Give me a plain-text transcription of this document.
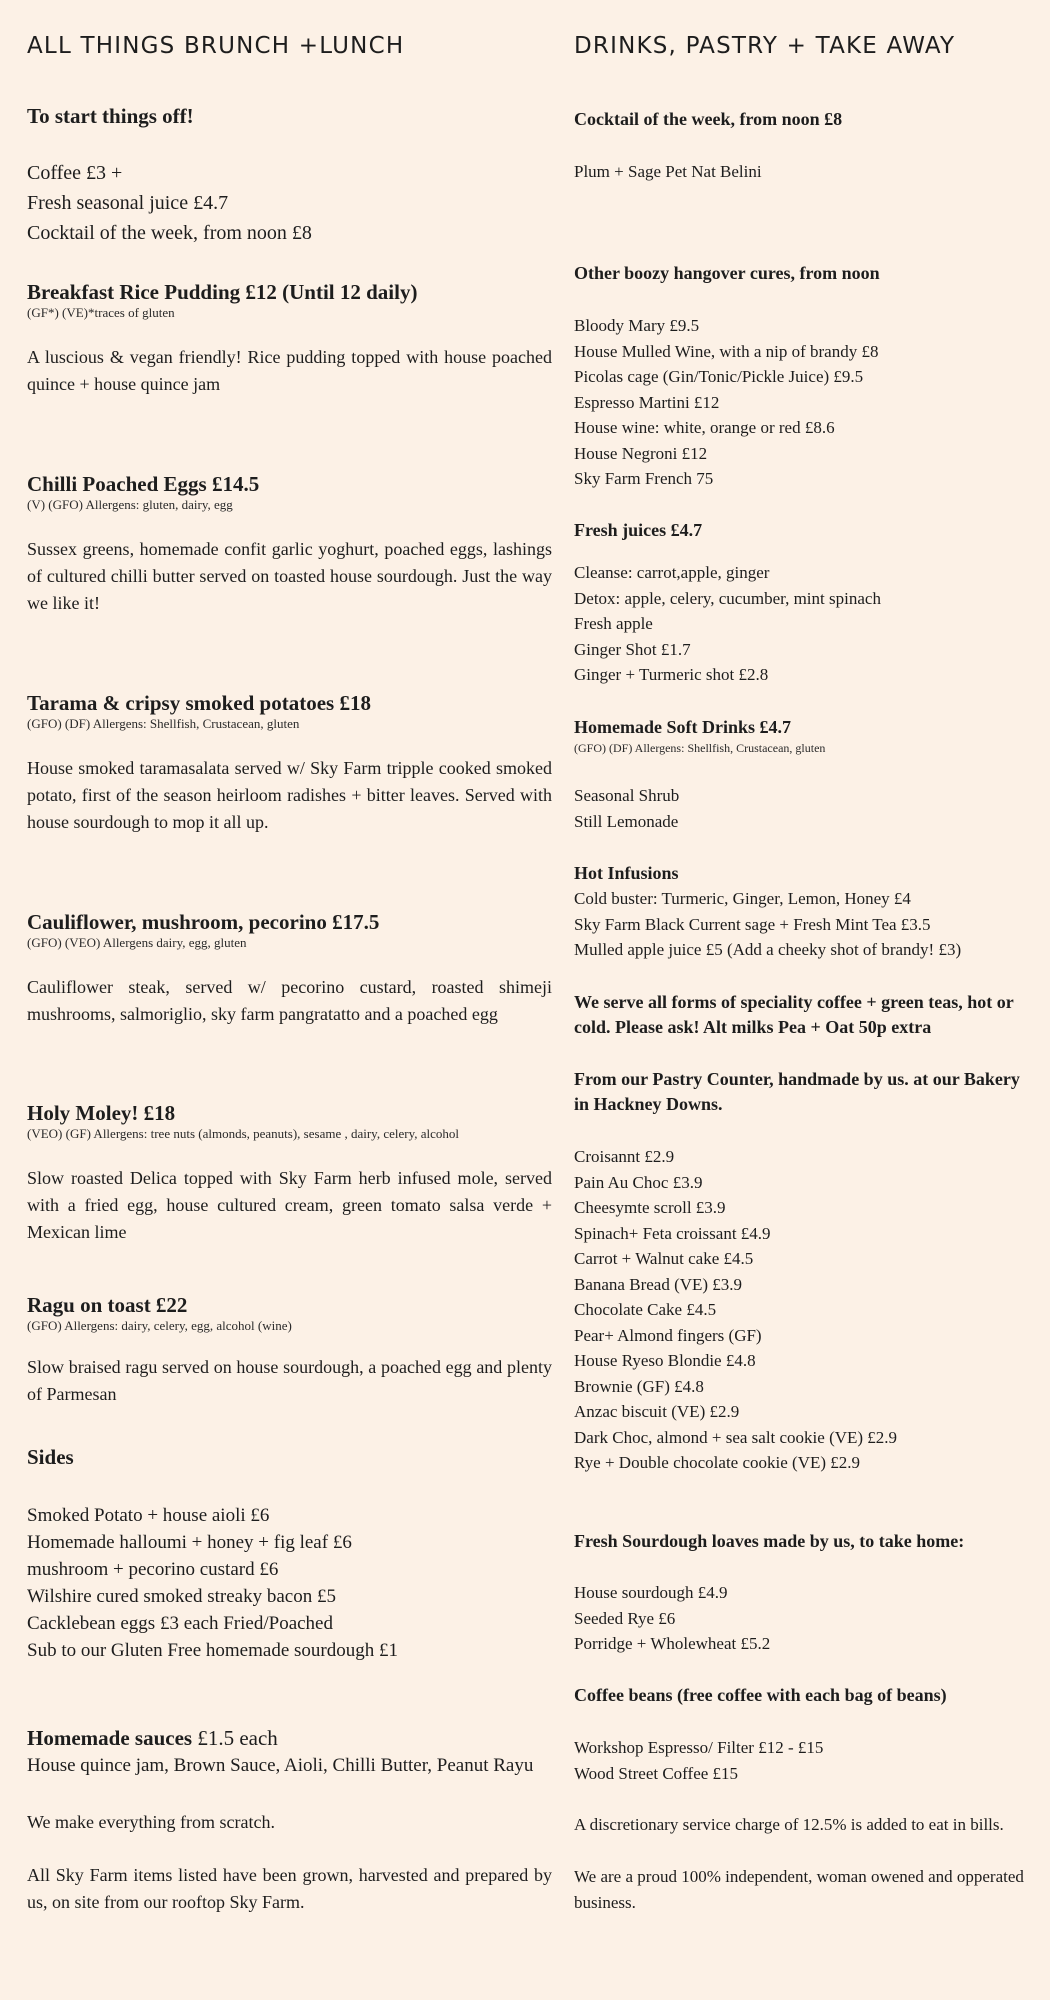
ALL THINGS BRUNCH +LUNCH
To start things off!
Coffee £3 +
Fresh seasonal juice £4.7
Cocktail of the week, from noon £8
Breakfast Rice Pudding £12 (Until 12 daily)
(GF*) (VE)*traces of gluten
A luscious & vegan friendly! Rice pudding topped with house poached quince + house quince jam
Chilli Poached Eggs £14.5
(V) (GFO) Allergens: gluten, dairy, egg
Sussex greens, homemade confit garlic yoghurt, poached eggs, lashings of cultured chilli butter served on toasted house sourdough. Just the way we like it!
Tarama & cripsy smoked potatoes £18
(GFO) (DF) Allergens: Shellfish, Crustacean, gluten
House smoked taramasalata served w/ Sky Farm tripple cooked smoked potato, first of the season heirloom radishes + bitter leaves. Served with house sourdough to mop it all up.
Cauliflower, mushroom, pecorino £17.5
(GFO) (VEO) Allergens dairy, egg, gluten
Cauliflower steak, served w/ pecorino custard, roasted shimeji mushrooms, salmoriglio, sky farm pangratatto and a poached egg
Holy Moley! £18
(VEO) (GF) Allergens: tree nuts (almonds, peanuts), sesame , dairy, celery, alcohol
Slow roasted Delica topped with Sky Farm herb infused mole, served with a fried egg, house cultured cream, green tomato salsa verde + Mexican lime
Ragu on toast £22
(GFO) Allergens: dairy, celery, egg, alcohol (wine)
Slow braised ragu served on house sourdough, a poached egg and plenty of Parmesan
Sides
Smoked Potato + house aioli £6
Homemade halloumi + honey + fig leaf £6
mushroom + pecorino custard £6
Wilshire cured smoked streaky bacon £5
Cacklebean eggs £3 each Fried/Poached
Sub to our Gluten Free homemade sourdough £1
Homemade sauces £1.5 each
House quince jam, Brown Sauce, Aioli, Chilli Butter, Peanut Rayu
We make everything from scratch.
All Sky Farm items listed have been grown, harvested and prepared by us, on site from our rooftop Sky Farm.
DRINKS, PASTRY + TAKE AWAY
Cocktail of the week, from noon £8
Plum + Sage Pet Nat Belini
Other boozy hangover cures, from noon
Bloody Mary £9.5
House Mulled Wine, with a nip of brandy £8
Picolas cage (Gin/Tonic/Pickle Juice) £9.5
Espresso Martini £12
House wine: white, orange or red £8.6
House Negroni £12
Sky Farm French 75
Fresh juices £4.7
Cleanse: carrot,apple, ginger
Detox: apple, celery, cucumber, mint spinach
Fresh apple
Ginger Shot £1.7
Ginger + Turmeric shot £2.8
Homemade Soft Drinks £4.7
(GFO) (DF) Allergens: Shellfish, Crustacean, gluten
Seasonal Shrub
Still Lemonade
Hot Infusions
Cold buster: Turmeric, Ginger, Lemon, Honey £4
Sky Farm Black Current sage + Fresh Mint Tea £3.5
Mulled apple juice £5 (Add a cheeky shot of brandy! £3)
We serve all forms of speciality coffee + green teas, hot or cold. Please ask! Alt milks Pea + Oat 50p extra
From our Pastry Counter, handmade by us. at our Bakery in Hackney Downs.
Croisannt £2.9
Pain Au Choc £3.9
Cheesymte scroll £3.9
Spinach+ Feta croissant £4.9
Carrot + Walnut cake £4.5
Banana Bread (VE) £3.9
Chocolate Cake £4.5
Pear+ Almond fingers (GF)
House Ryeso Blondie £4.8
Brownie (GF) £4.8
Anzac biscuit (VE) £2.9
Dark Choc, almond + sea salt cookie (VE) £2.9
Rye + Double chocolate cookie (VE) £2.9
Fresh Sourdough loaves made by us, to take home:
House sourdough £4.9
Seeded Rye £6
Porridge + Wholewheat £5.2
Coffee beans (free coffee with each bag of beans)
Workshop Espresso/ Filter £12 - £15
Wood Street Coffee £15
A discretionary service charge of 12.5% is added to eat in bills.
We are a proud 100% independent, woman owened and opperated business.
